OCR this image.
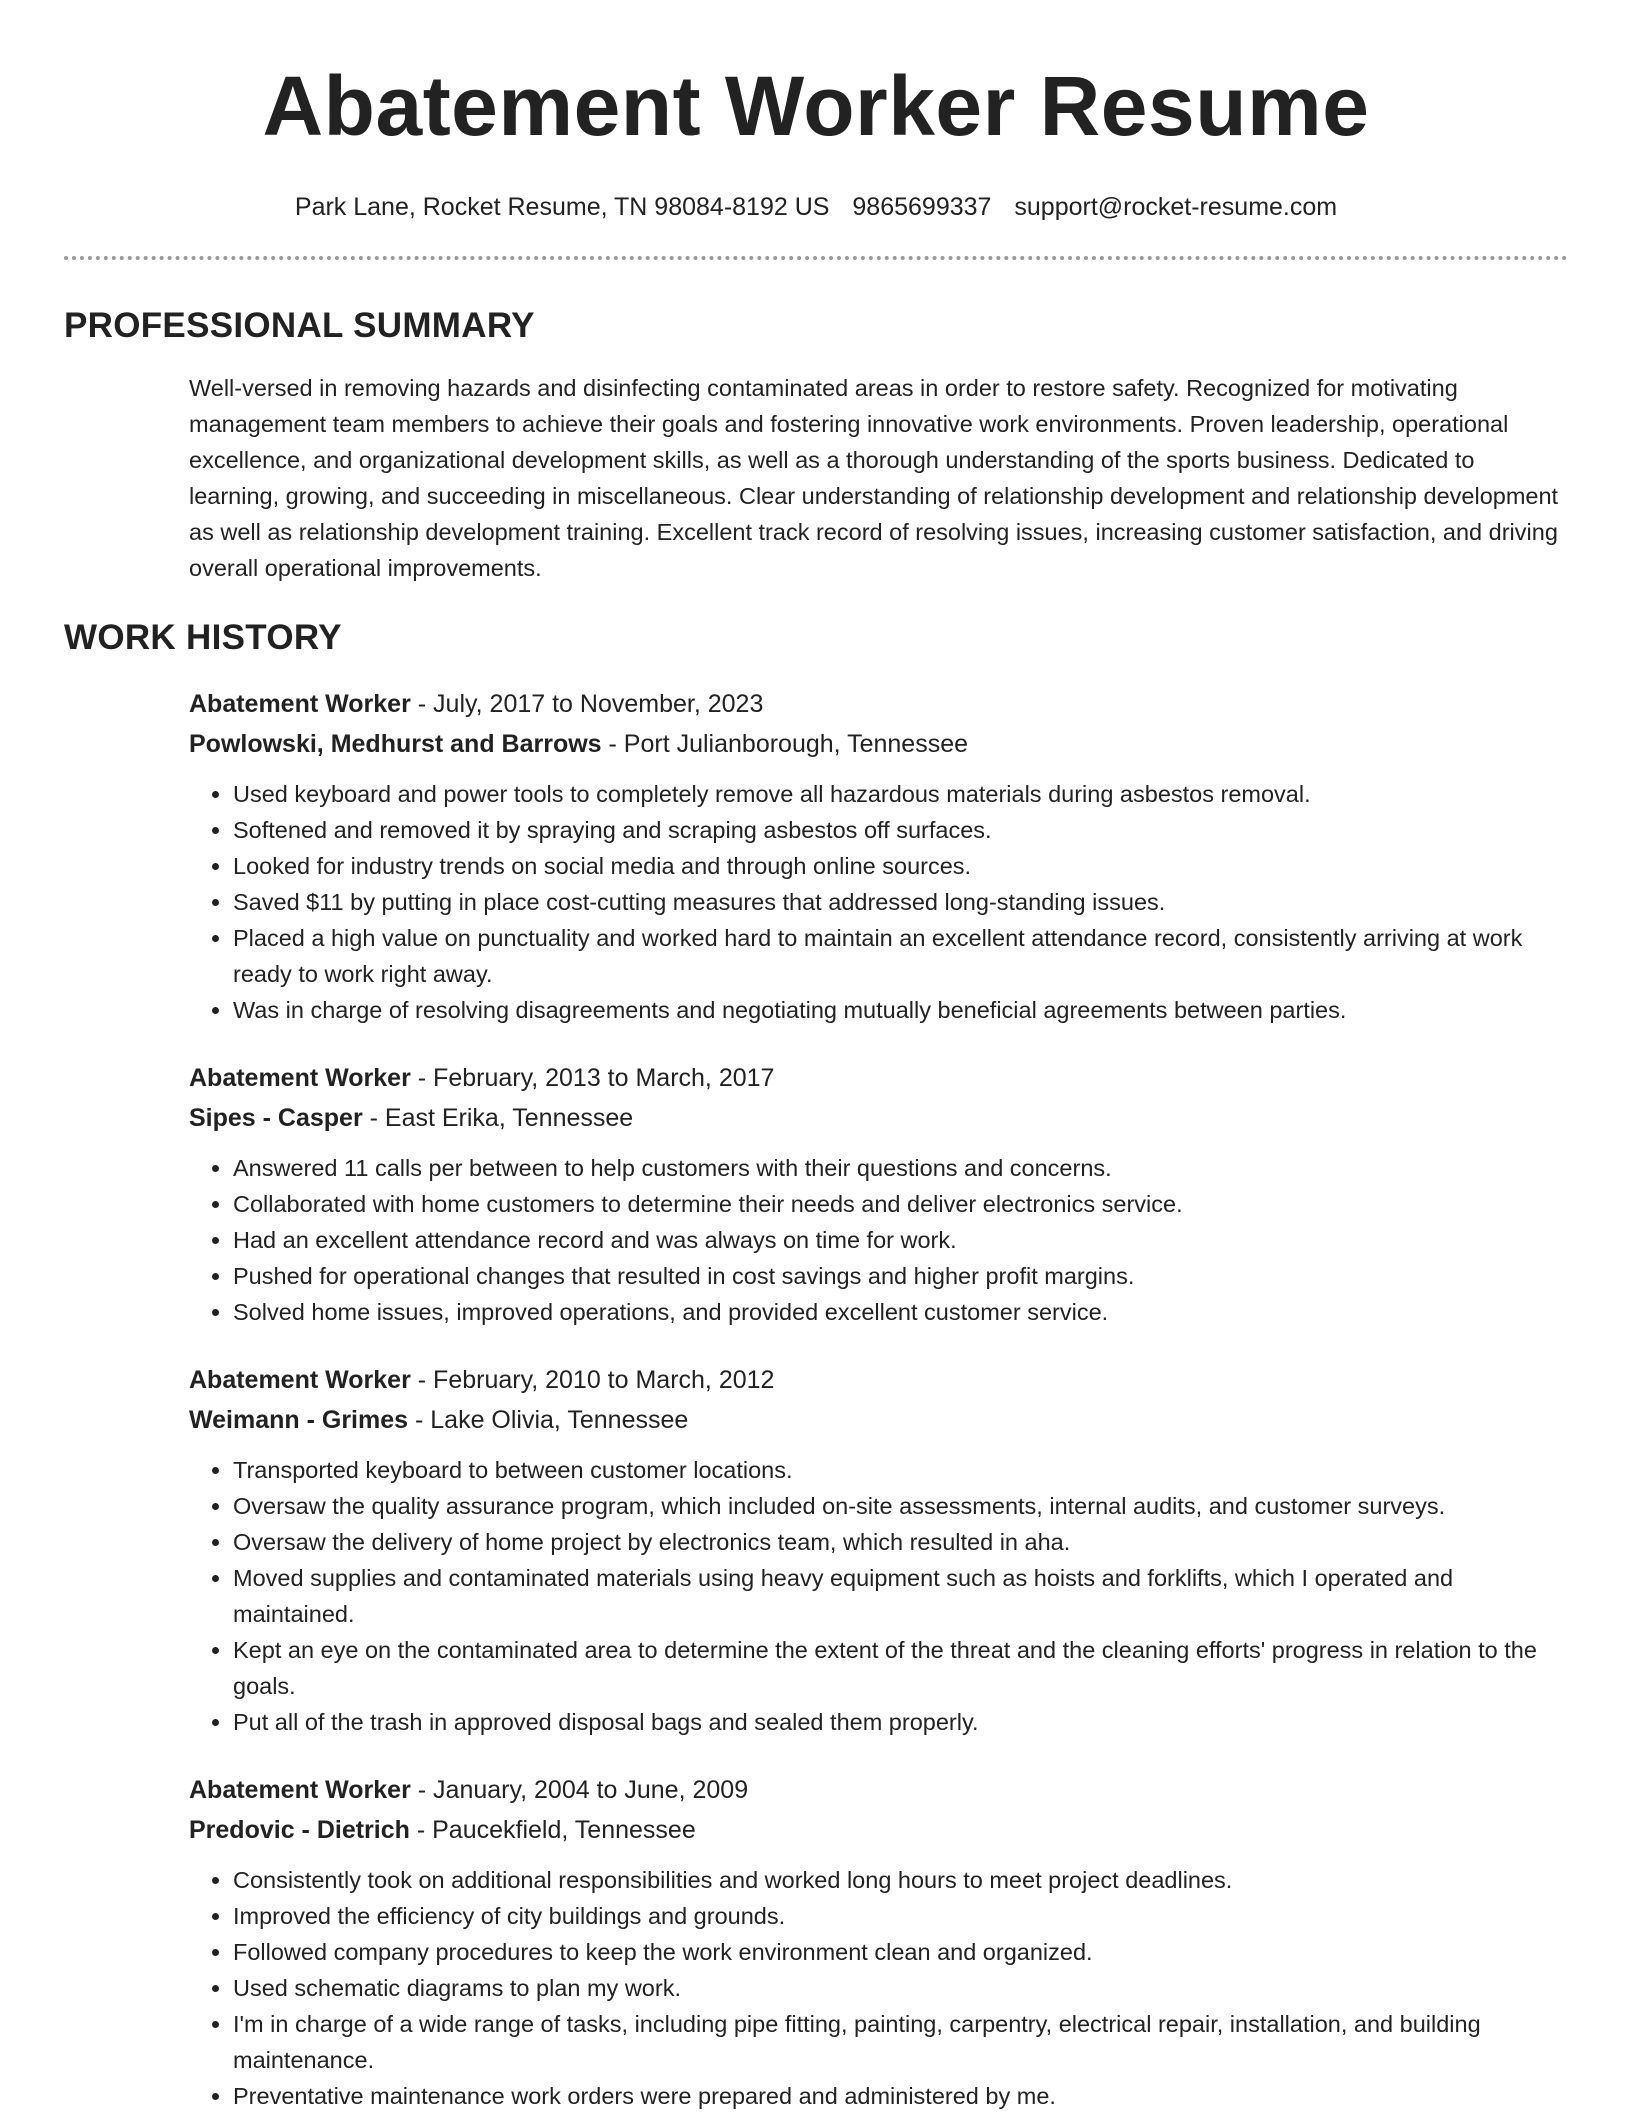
Abatement Worker Resume
Park Lane, Rocket Resume, TN 98084-8192 US 9865699337 support@rocket-resume.com
PROFESSIONAL SUMMARY
Well-versed in removing hazards and disinfecting contaminated areas in order to restore safety. Recognized for motivating management team members to achieve their goals and fostering innovative work environments. Proven leadership, operational excellence, and organizational development skills, as well as a thorough understanding of the sports business. Dedicated to learning, growing, and succeeding in miscellaneous. Clear understanding of relationship development and relationship development as well as relationship development training. Excellent track record of resolving issues, increasing customer satisfaction, and driving overall operational improvements.
WORK HISTORY
Abatement Worker - July, 2017 to November, 2023
Powlowski, Medhurst and Barrows - Port Julianborough, Tennessee
• Used keyboard and power tools to completely remove all hazardous materials during asbestos removal.
• Softened and removed it by spraying and scraping asbestos off surfaces.
• Looked for industry trends on social media and through online sources.
• Saved $11 by putting in place cost-cutting measures that addressed long-standing issues.
• Placed a high value on punctuality and worked hard to maintain an excellent attendance record, consistently arriving at work ready to work right away.
• Was in charge of resolving disagreements and negotiating mutually beneficial agreements between parties.
Abatement Worker - February, 2013 to March, 2017
Sipes - Casper - East Erika, Tennessee
• Answered 11 calls per between to help customers with their questions and concerns.
• Collaborated with home customers to determine their needs and deliver electronics service.
• Had an excellent attendance record and was always on time for work.
• Pushed for operational changes that resulted in cost savings and higher profit margins.
• Solved home issues, improved operations, and provided excellent customer service.
Abatement Worker - February, 2010 to March, 2012
Weimann - Grimes - Lake Olivia, Tennessee
• Transported keyboard to between customer locations.
• Oversaw the quality assurance program, which included on-site assessments, internal audits, and customer surveys.
• Oversaw the delivery of home project by electronics team, which resulted in aha.
• Moved supplies and contaminated materials using heavy equipment such as hoists and forklifts, which I operated and maintained.
• Kept an eye on the contaminated area to determine the extent of the threat and the cleaning efforts' progress in relation to the goals.
• Put all of the trash in approved disposal bags and sealed them properly.
Abatement Worker - January, 2004 to June, 2009
Predovic - Dietrich - Paucekfield, Tennessee
• Consistently took on additional responsibilities and worked long hours to meet project deadlines.
• Improved the efficiency of city buildings and grounds.
• Followed company procedures to keep the work environment clean and organized.
• Used schematic diagrams to plan my work.
• I'm in charge of a wide range of tasks, including pipe fitting, painting, carpentry, electrical repair, installation, and building maintenance.
• Preventative maintenance work orders were prepared and administered by me.
